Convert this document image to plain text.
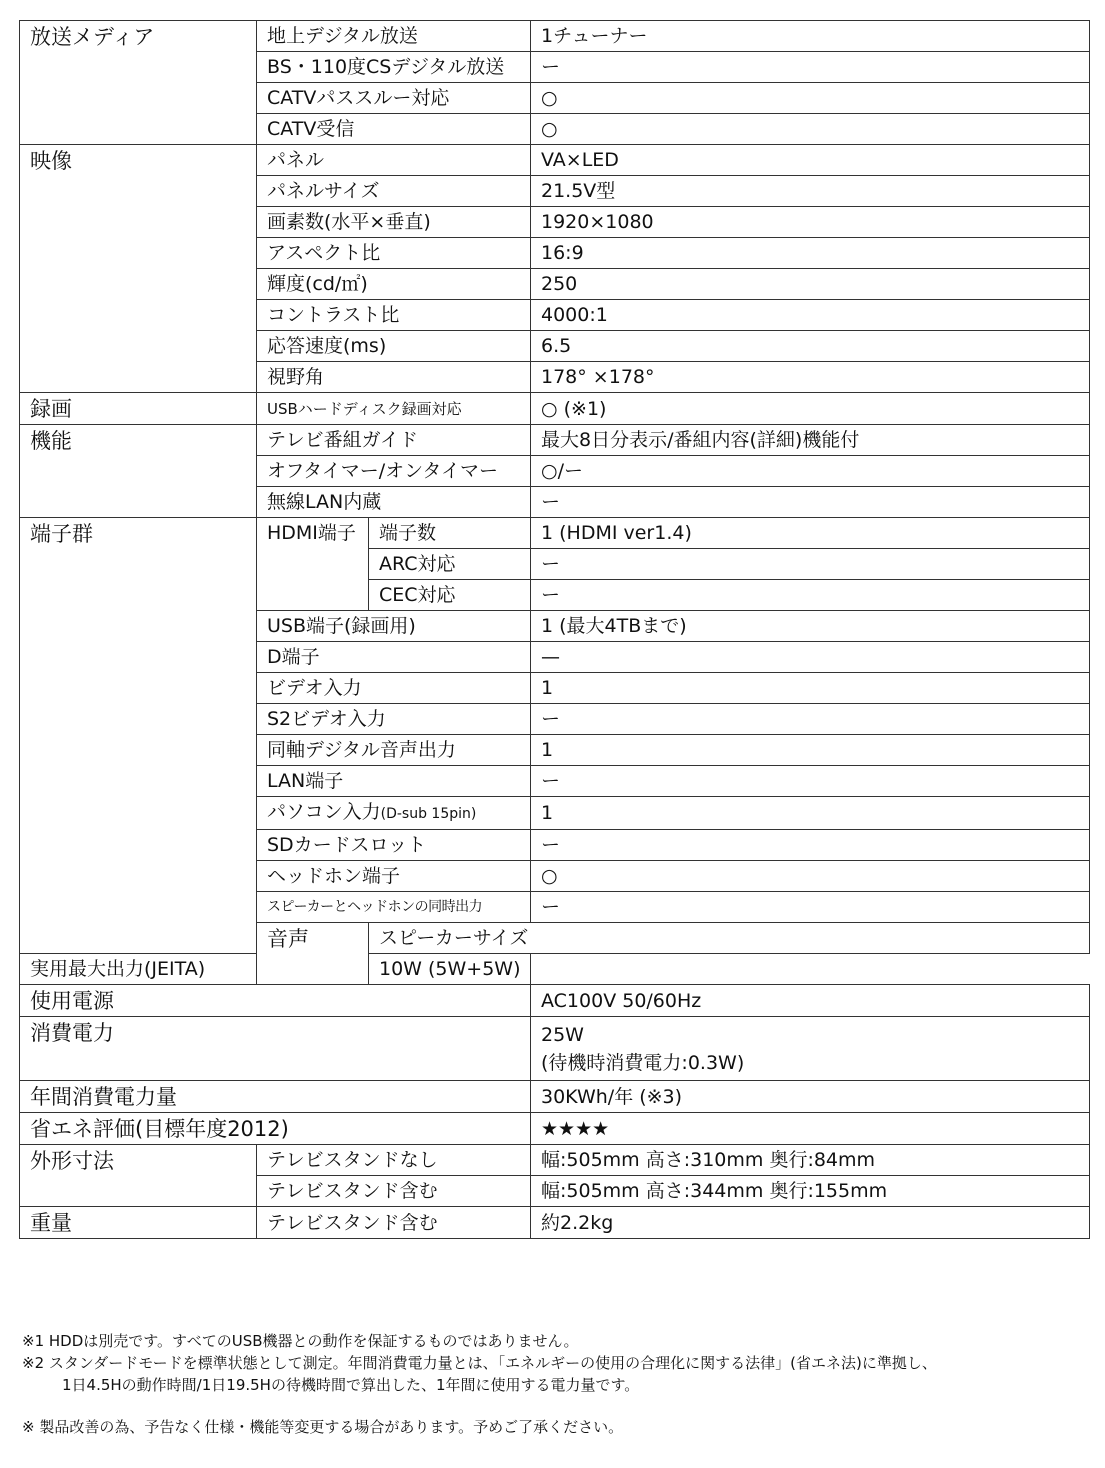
放送メディア	地上デジタル放送		1チューナー	
	BS・110度CSデジタル放送		ー	
	CATVパススルー対応		○	
	CATV受信		○	
映像	パネル		VA×LED	
	パネルサイズ		21.5V型	
	画素数(水平×垂直)		1920×1080	
	アスペクト比		16:9	
	輝度(cd/㎡)		250	
	コントラスト比		4000:1	
	応答速度(ms)		6.5	
	視野角		178° ×178°	
録画	USBハードディスク録画対応		○ (※1)	
機能	テレビ番組ガイド		最大8日分表示/番組内容(詳細)機能付	
	オフタイマー/オンタイマー		○/ー	
	無線LAN内蔵		ー	
端子群	HDMI端子	端子数	1 (HDMI ver1.4)	
		ARC対応	ー	
		CEC対応	ー	
	USB端子(録画用)		1 (最大4TBまで)	
	D端子		—	
	ビデオ入力		1	
	S2ビデオ入力		ー	
	同軸デジタル音声出力		1	
	LAN端子		ー	
	パソコン入力(D-sub 15pin)		1	
	SDカードスロット		ー	
	ヘッドホン端子		○	
	スピーカーとヘッドホンの同時出力		ー	
	音声	スピーカーサイズ	
実用最大出力(JEITA)		10W (5W+5W)		
使用電源			AC100V 50/60Hz	
消費電力			25W
(待機時消費電力:0.3W)	

年間消費電力量			30KWh/年 (※3)	
省エネ評価(目標年度2012)			★★★★	
外形寸法	テレビスタンドなし		幅:505mm 高さ:310mm 奥行:84mm	
	テレビスタンド含む		幅:505mm 高さ:344mm 奥行:155mm	
重量	テレビスタンド含む		約2.2kg	

※1 HDDは別売です。すべてのUSB機器との動作を保証するものではありません。

※2 スタンダードモードを標準状態として測定。年間消費電力量とは、「エネルギーの使用の合理化に関する法律」(省エネ法)に準拠し、

1日4.5Hの動作時間/1日19.5Hの待機時間で算出した、1年間に使用する電力量です。

※ 製品改善の為、予告なく仕様・機能等変更する場合があります。予めご了承ください。
